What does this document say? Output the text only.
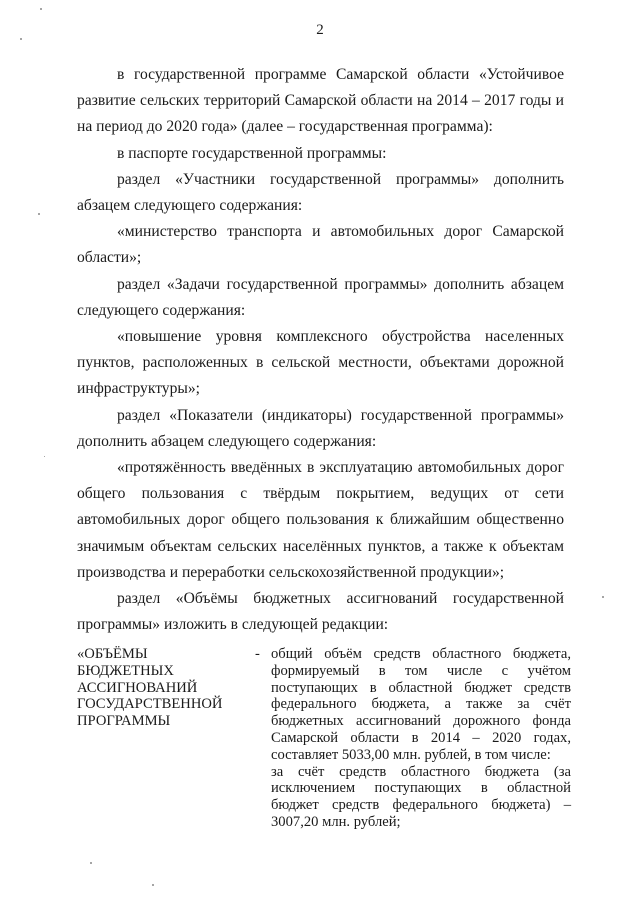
2

в государственной программе Самарской области «Устойчивое развитие сельских территорий Самарской области на 2014 – 2017 годы и на период до 2020 года» (далее – государственная программа):

в паспорте государственной программы:

раздел «Участники государственной программы» дополнить абзацем следующего содержания:

«министерство транспорта и автомобильных дорог Самарской области»;

раздел «Задачи государственной программы» дополнить абзацем следующего содержания:

«повышение уровня комплексного обустройства населенных пунктов, расположенных в сельской местности, объектами дорожной инфраструктуры»;

раздел «Показатели (индикаторы) государственной программы» дополнить абзацем следующего содержания:

«протяжённость введённых в эксплуатацию автомобильных дорог общего пользования с твёрдым покрытием, ведущих от сети автомобильных дорог общего пользования к ближайшим общественно значимым объектам сельских населённых пунктов, а также к объектам производства и переработки сельскохозяйственной продукции»;

раздел «Объёмы бюджетных ассигнований государственной программы» изложить в следующей редакции:

«ОБЪЁМЫ БЮДЖЕТНЫХ АССИГНОВАНИЙ ГОСУДАРСТВЕННОЙ ПРОГРАММЫ
- общий объём средств областного бюджета, формируемый в том числе с учётом поступающих в областной бюджет средств федерального бюджета, а также за счёт бюджетных ассигнований дорожного фонда Самарской области в 2014 – 2020 годах, составляет 5033,00 млн. рублей, в том числе:

за счёт средств областного бюджета (за исключением поступающих в областной бюджет средств федерального бюджета) – 3007,20 млн. рублей;
